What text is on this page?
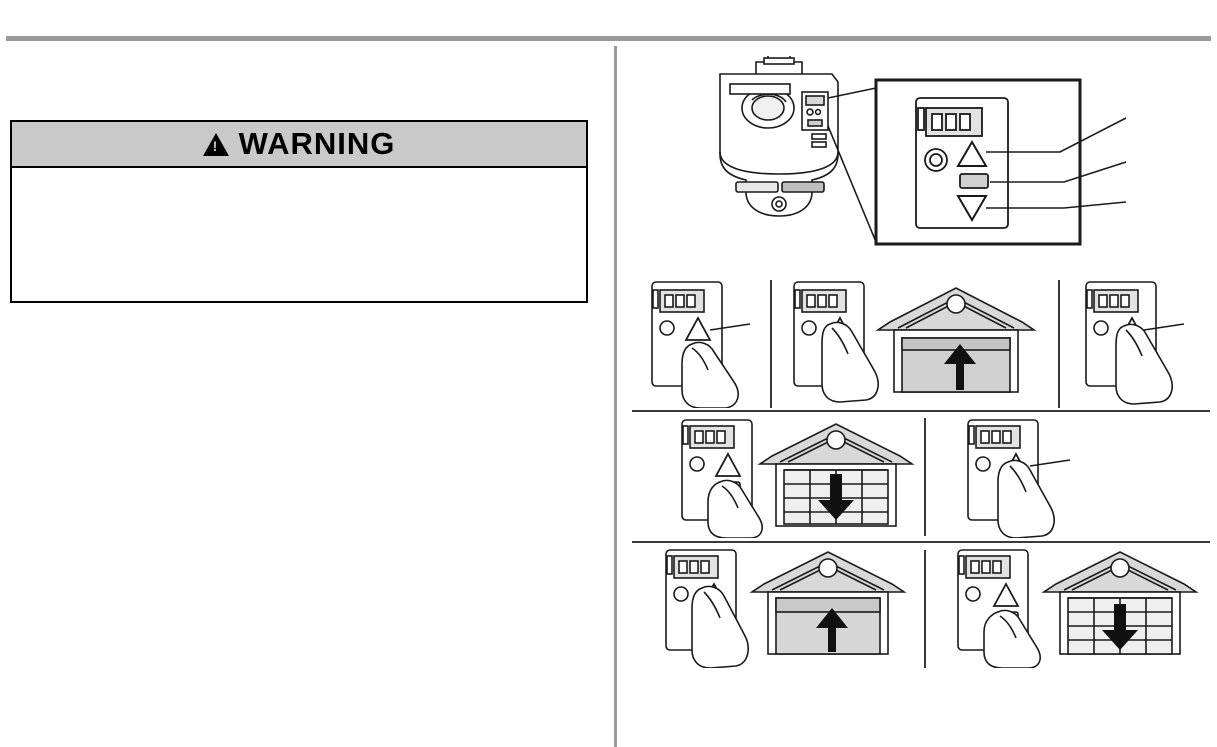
!
WARNING
